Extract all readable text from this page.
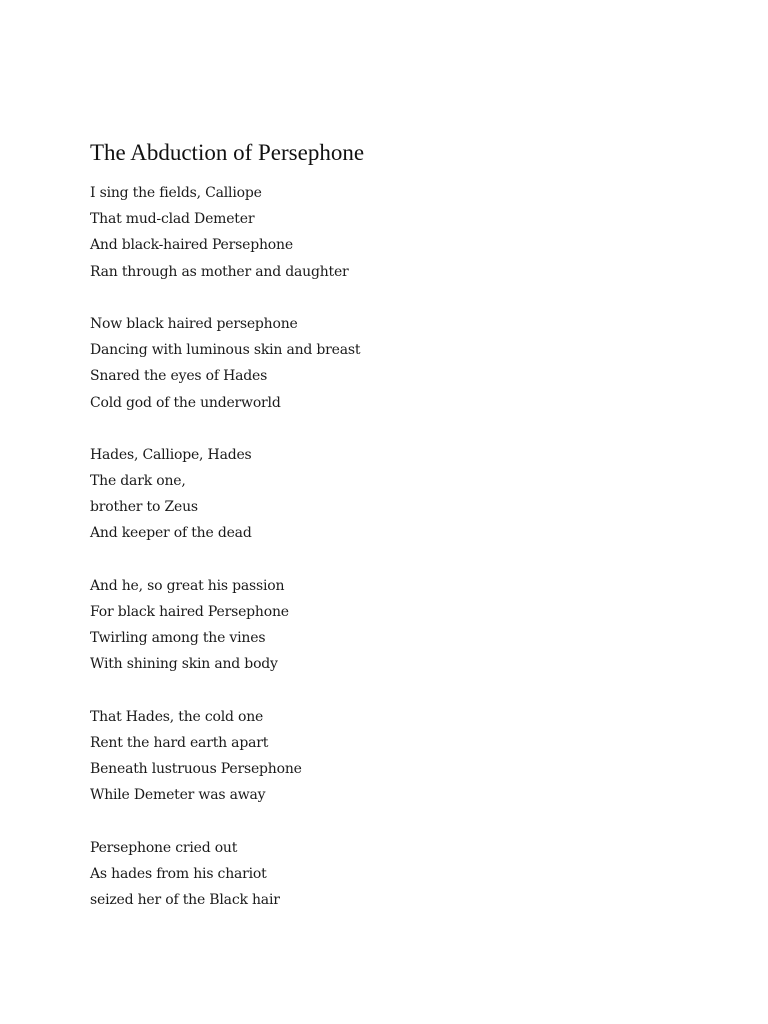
The Abduction of Persephone
I sing the fields, Calliope
That mud-clad Demeter
And black-haired Persephone
Ran through as mother and daughter
Now black haired persephone
Dancing with luminous skin and breast
Snared the eyes of Hades
Cold god of the underworld
Hades, Calliope, Hades
The dark one,
brother to Zeus
And keeper of the dead
And he, so great his passion
For black haired Persephone
Twirling among the vines
With shining skin and body
That Hades, the cold one
Rent the hard earth apart
Beneath lustruous Persephone
While Demeter was away
Persephone cried out
As hades from his chariot
seized her of the Black hair
